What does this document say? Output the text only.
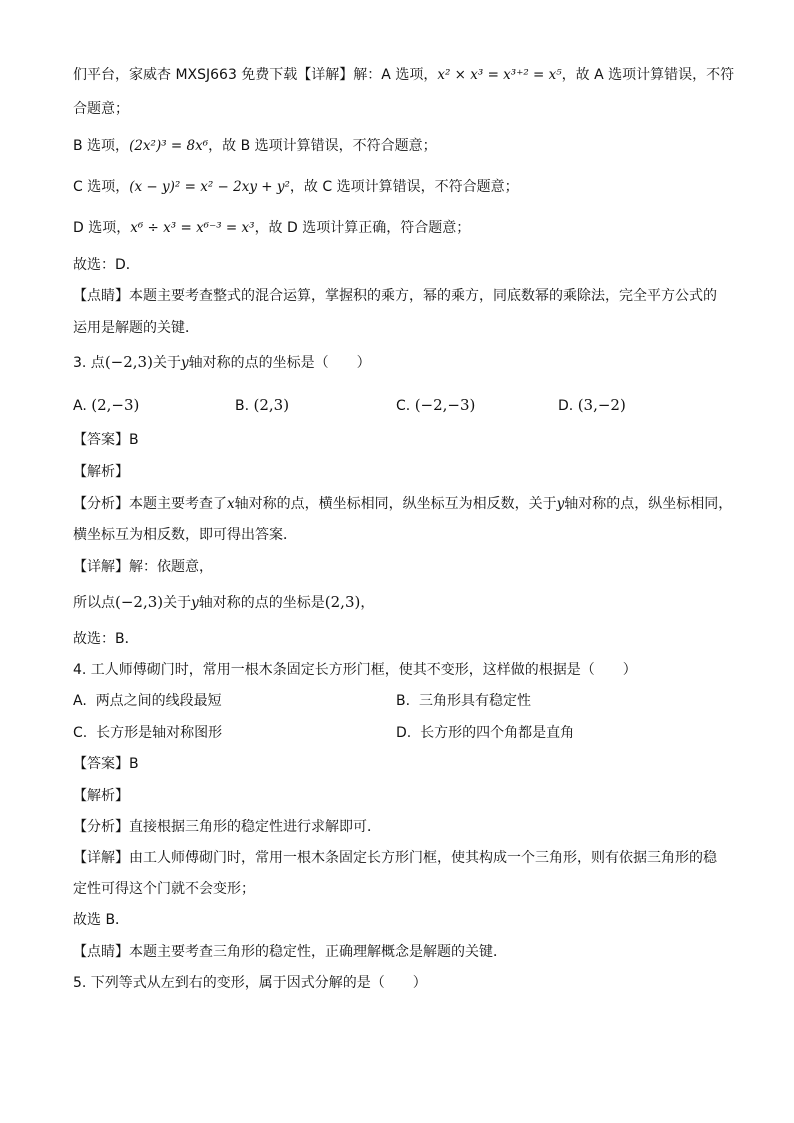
们平台，家威杏 MXSJ663 免费下载【详解】解：A 选项，x² × x³ = x³⁺² = x⁵，故 A 选项计算错误，不符
合题意；
B 选项，(2x²)³ = 8x⁶，故 B 选项计算错误，不符合题意；
C 选项，(x − y)² = x² − 2xy + y²，故 C 选项计算错误，不符合题意；
D 选项，x⁶ ÷ x³ = x⁶⁻³ = x³，故 D 选项计算正确，符合题意；
故选：D．
【点睛】本题主要考查整式的混合运算，掌握积的乘方，幂的乘方，同底数幂的乘除法，完全平方公式的
运用是解题的关键．
3. 点(−2,3)关于y轴对称的点的坐标是（　　）
A. (2,−3)	B. (2,3)	C. (−2,−3)	D. (3,−2)
【答案】B
【解析】
【分析】本题主要考查了x轴对称的点，横坐标相同，纵坐标互为相反数，关于y轴对称的点，纵坐标相同，
横坐标互为相反数，即可得出答案．
【详解】解：依题意，
所以点(−2,3)关于y轴对称的点的坐标是(2,3)，
故选：B．
4. 工人师傅砌门时，常用一根木条固定长方形门框，使其不变形，这样做的根据是（　　）
A. 两点之间的线段最短	B. 三角形具有稳定性
C. 长方形是轴对称图形	D. 长方形的四个角都是直角
【答案】B
【解析】
【分析】直接根据三角形的稳定性进行求解即可．
【详解】由工人师傅砌门时，常用一根木条固定长方形门框，使其构成一个三角形，则有依据三角形的稳
定性可得这个门就不会变形；
故选 B．
【点睛】本题主要考查三角形的稳定性，正确理解概念是解题的关键．
5. 下列等式从左到右的变形，属于因式分解的是（　　）
